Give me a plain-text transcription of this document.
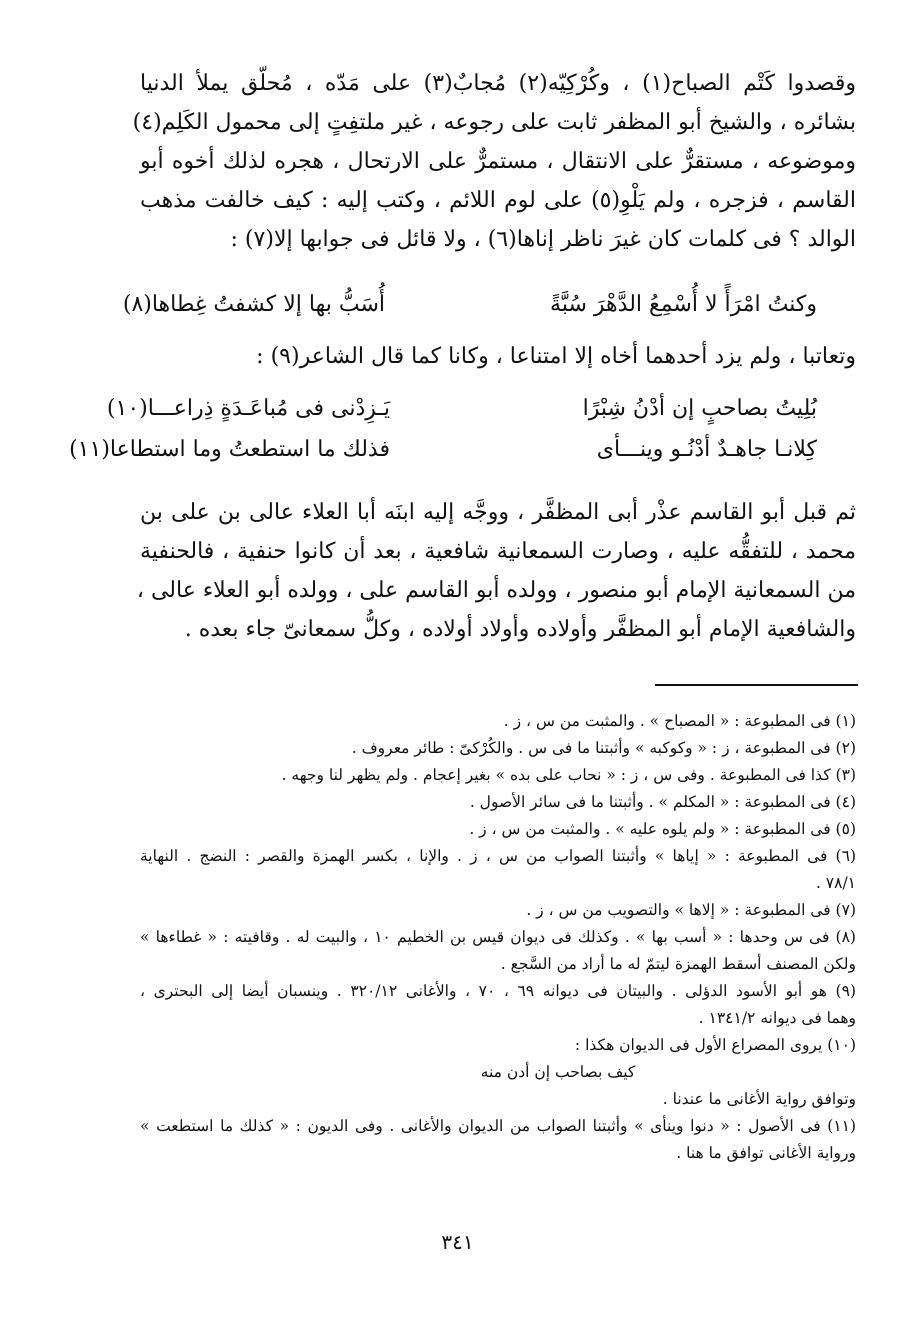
وقصدوا كَتْم الصباح(١) ، وكُرْكِيّه(٢) مُجابٌ(٣) على مَدّه ، مُحلّق يملأ الدنيا
بشائره ، والشيخ أبو المظفر ثابت على رجوعه ، غير ملتفِتٍ إلى محمول الكَلِم(٤)
وموضوعه ، مستقرٌّ على الانتقال ، مستمرٌّ على الارتحال ، هجره لذلك أخوه أبو
القاسم ، فزجره ، ولم يَلْوِ(٥) على لوم اللائم ، وكتب إليه : كيف خالفت مذهب
الوالد ؟ فى كلمات كان غيرَ ناظر إناها(٦) ، ولا قائل فى جوابها إلا(٧) :
وكنتُ امْرَأً لا أُسْمِعُ الدَّهْرَ سُبَّةً
أُسَبُّ بها إلا كشفتُ غِطاها(٨)
وتعاتبا ، ولم يزد أحدهما أخاه إلا امتناعا ، وكانا كما قال الشاعر(٩) :
بُلِيتُ بصاحبٍ إن أدْنُ شِبْرًا
يَـزِدْنى فى مُباعَـدَةٍ ذِراعـــا(١٠)
كِلانـا جاهـدٌ أدْنُـو وينـــأى
فذلك ما استطعتُ وما استطاعا(١١)
ثم قبل أبو القاسم عذْر أبى المظفَّر ، ووجَّه إليه ابنَه أبا العلاء عالى بن على بن
محمد ، للتفقُّه عليه ، وصارت السمعانية شافعية ، بعد أن كانوا حنفية ، فالحنفية
من السمعانية الإمام أبو منصور ، وولده أبو القاسم على ، وولده أبو العلاء عالى ،
والشافعية الإمام أبو المظفَّر وأولاده وأولاد أولاده ، وكلُّ سمعانىّ جاء بعده .
(١) فى المطبوعة : « المصباح » . والمثبت من س ، ز .
(٢) فى المطبوعة ، ز : « وكوكبه » وأثبتنا ما فى س . والكُرْكىّ : طائر معروف .
(٣) كذا فى المطبوعة . وفى س ، ز : « نحاب على بده » بغير إعجام . ولم يظهر لنا وجهه .
(٤) فى المطبوعة : « المكلم » . وأثبتنا ما فى سائر الأصول .
(٥) فى المطبوعة : « ولم يلوه عليه » . والمثبت من س ، ز .
(٦) فى المطبوعة : « إياها » وأثبتنا الصواب من س ، ز . والإنا ، بكسر الهمزة والقصر : النضج . النهاية
٧٨/١ .
(٧) فى المطبوعة : « إلاها » والتصويب من س ، ز .
(٨) فى س وحدها : « أسب بها » . وكذلك فى ديوان قيس بن الخطيم ١٠ ، والبيت له . وقافيته : « غطاءها »
ولكن المصنف أسقط الهمزة ليتمّ له ما أراد من السَّجع .
(٩) هو أبو الأسود الدؤلى . والبيتان فى ديوانه ٦٩ ، ٧٠ ، والأغانى ٣٢٠/١٢ . وينسبان أيضا إلى البحترى ،
وهما فى ديوانه ١٣٤١/٢ .
(١٠) يروى المصراع الأول فى الديوان هكذا :
كيف بصاحب إن أدن منه
وتوافق رواية الأغانى ما عندنا .
(١١) فى الأصول : « دنوا وينأى » وأثبتنا الصواب من الديوان والأغانى . وفى الديون : « كذلك ما استطعت »
ورواية الأغانى توافق ما هنا .
٣٤١
